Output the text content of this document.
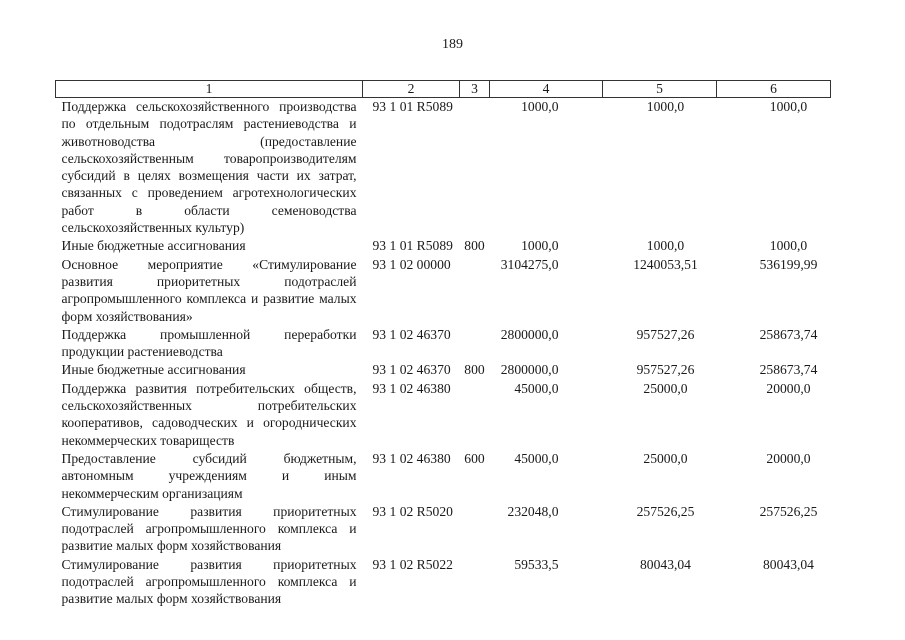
189
1	2	3	4	5	6
Поддержка сельскохозяйственного производства по отдельным подотраслям растениеводства и животноводства (предоставление сельскохозяйственным товаропроизводителям субсидий в целях возмещения части их затрат, связанных с проведением агротехнологических работ в области семеноводства сельскохозяйственных культур)	93 1 01 R5089		1000,0	1000,0	1000,0
Иные бюджетные ассигнования	93 1 01 R5089	800	1000,0	1000,0	1000,0
Основное мероприятие «Стимулирование развития приоритетных подотраслей агропромышленного комплекса и развитие малых форм хозяйствования»	93 1 02 00000		3104275,0	1240053,51	536199,99
Поддержка промышленной переработки продукции растениеводства	93 1 02 46370		2800000,0	957527,26	258673,74
Иные бюджетные ассигнования	93 1 02 46370	800	2800000,0	957527,26	258673,74
Поддержка развития потребительских обществ, сельскохозяйственных потребительских кооперативов, садоводческих и огороднических некоммерческих товариществ	93 1 02 46380		45000,0	25000,0	20000,0
Предоставление субсидий бюджетным, автономным учреждениям и иным некоммерческим организациям	93 1 02 46380	600	45000,0	25000,0	20000,0
Стимулирование развития приоритетных подотраслей агропромышленного комплекса и развитие малых форм хозяйствования	93 1 02 R5020		232048,0	257526,25	257526,25
Стимулирование развития приоритетных подотраслей агропромышленного комплекса и развитие малых форм хозяйствования	93 1 02 R5022		59533,5	80043,04	80043,04
